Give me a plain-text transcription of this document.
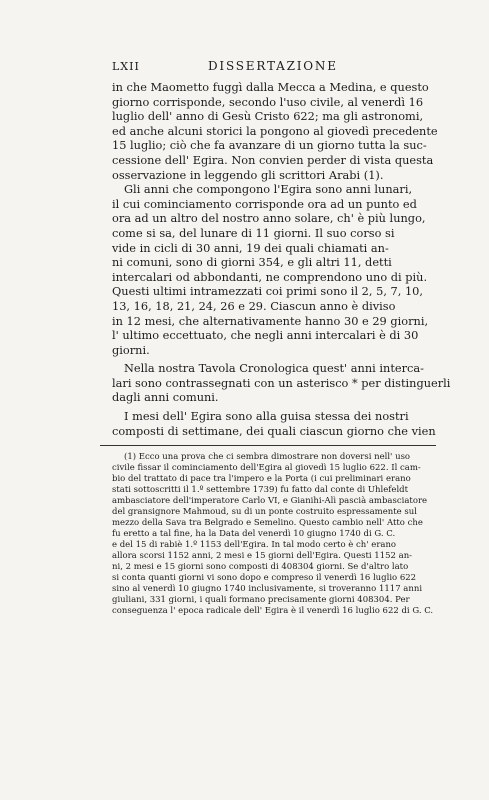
LXII	DISSERTAZIONE
in che Maometto fuggì dalla Mecca a Medina, e questo
giorno corrisponde, secondo l'uso civile, al venerdì 16
luglio dell' anno di Gesù Cristo 622; ma gli astronomi,
ed anche alcuni storici la pongono al giovedì precedente
15 luglio; ciò che fa avanzare di un giorno tutta la suc-
cessione dell' Egira. Non convien perder di vista questa
osservazione in leggendo gli scrittori Arabi (1).
Gli anni che compongono l'Egira sono anni lunari,
il cui cominciamento corrisponde ora ad un punto ed
ora ad un altro del nostro anno solare, ch' è più lungo,
come si sa, del lunare di 11 giorni. Il suo corso si
vide in cicli di 30 anni, 19 dei quali chiamati an-
ni comuni, sono di giorni 354, e gli altri 11, detti
intercalari od abbondanti, ne comprendono uno di più.
Questi ultimi intramezzati coi primi sono il 2, 5, 7, 10,
13, 16, 18, 21, 24, 26 e 29. Ciascun anno è diviso
in 12 mesi, che alternativamente hanno 30 e 29 giorni,
l' ultimo eccettuato, che negli anni intercalari è di 30
giorni.
Nella nostra Tavola Cronologica quest' anni interca-
lari sono contrassegnati con un asterisco * per distinguerli
dagli anni comuni.
I mesi dell' Egira sono alla guisa stessa dei nostri
composti di settimane, dei quali ciascun giorno che vien
(1) Ecco una prova che ci sembra dimostrare non doversi nell' uso
civile fissar il cominciamento dell'Egira al giovedì 15 luglio 622. Il cam-
bio del trattato di pace tra l'impero e la Porta (i cui preliminari erano
stati sottoscritti il 1.º settembre 1739) fu fatto dal conte di Uhlefeldt
ambasciatore dell'imperatore Carlo VI, e Gianihi-Alì pascià ambasciatore
del gransignore Mahmoud, su di un ponte costruito espressamente sul
mezzo della Sava tra Belgrado e Semelino. Questo cambio nell' Atto che
fu eretto a tal fine, ha la Data del venerdì 10 giugno 1740 di G. C.
e del 15 di rabiè 1.º 1153 dell'Egira. In tal modo certo è ch' erano
allora scorsi 1152 anni, 2 mesi e 15 giorni dell'Egira. Questi 1152 an-
ni, 2 mesi e 15 giorni sono composti di 408304 giorni. Se d'altro lato
si conta quanti giorni vi sono dopo e compreso il venerdì 16 luglio 622
sino al venerdì 10 giugno 1740 inclusivamente, si troveranno 1117 anni
giuliani, 331 giorni, i quali formano precisamente giorni 408304. Per
conseguenza l' epoca radicale dell' Egira è il venerdì 16 luglio 622 di G. C.
